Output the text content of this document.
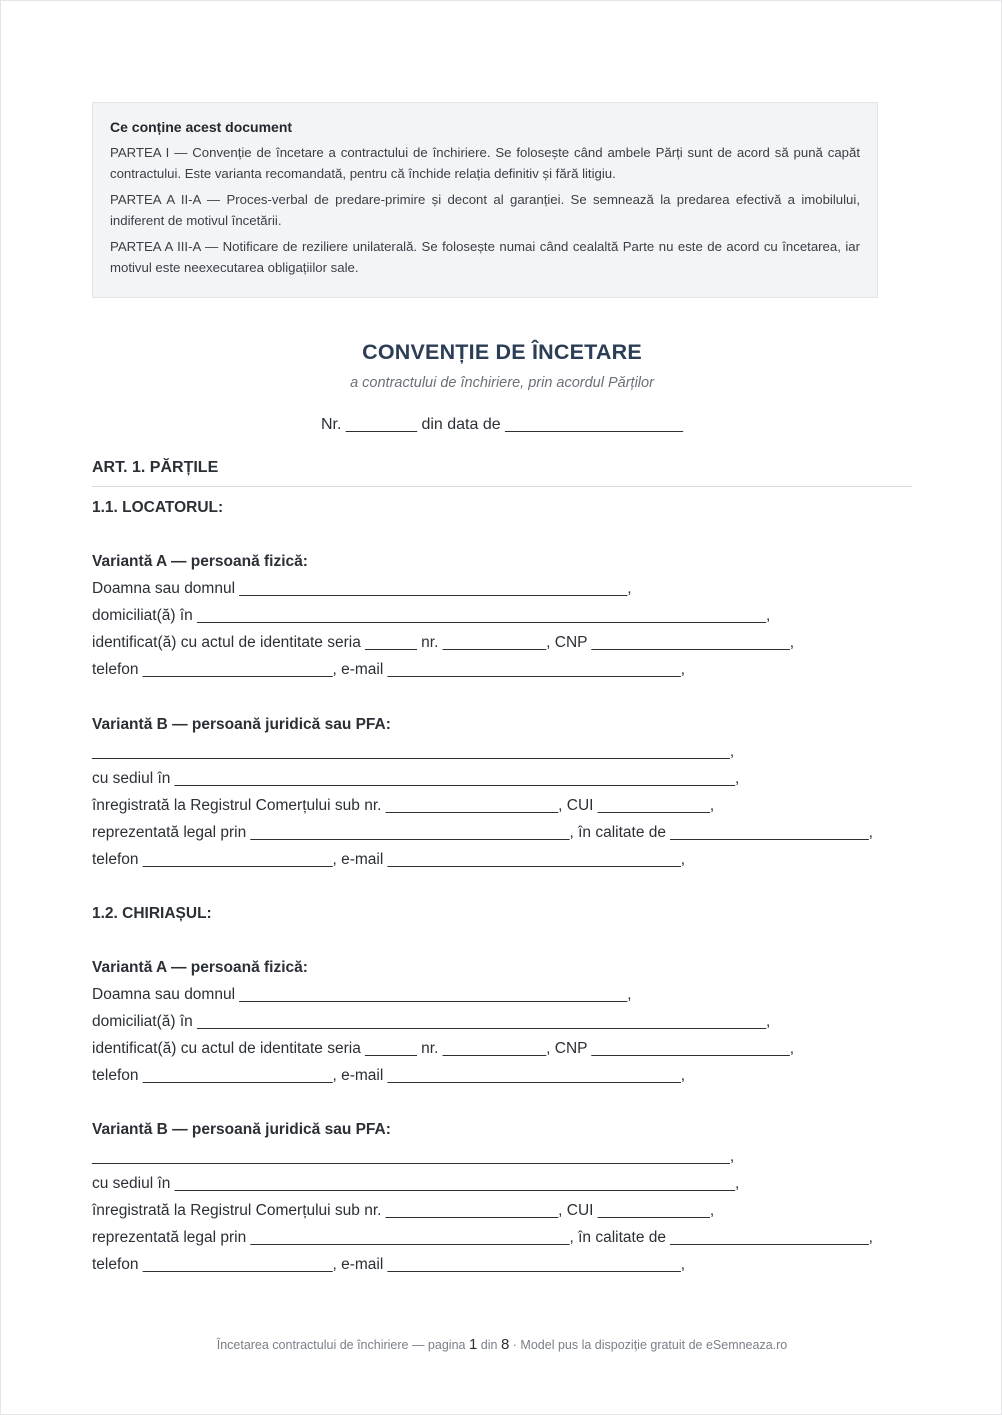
Ce conține acest document

PARTEA I — Convenție de încetare a contractului de închiriere. Se folosește când ambele Părți sunt de acord să pună capăt contractului. Este varianta recomandată, pentru că închide relația definitiv și fără litigiu.

PARTEA A II-A — Proces-verbal de predare-primire și decont al garanției. Se semnează la predarea efectivă a imobilului, indiferent de motivul încetării.

PARTEA A III-A — Notificare de reziliere unilaterală. Se folosește numai când cealaltă Parte nu este de acord cu încetarea, iar motivul este neexecutarea obligațiilor sale.

CONVENȚIE DE ÎNCETARE
a contractului de închiriere, prin acordul Părților
Nr. ________ din data de ____________________
ART. 1. PĂRȚILE
1.1. LOCATORUL:
Variantă A — persoană fizică:
Doamna sau domnul _____________________________________________,
domiciliat(ă) în __________________________________________________________________,
identificat(ă) cu actul de identitate seria ______ nr. ____________, CNP _______________________,
telefon ______________________, e-mail __________________________________,
Variantă B — persoană juridică sau PFA:
__________________________________________________________________________,
cu sediul în _________________________________________________________________,
înregistrată la Registrul Comerțului sub nr. ____________________, CUI _____________,
reprezentată legal prin _____________________________________, în calitate de _______________________,
telefon ______________________, e-mail __________________________________,
1.2. CHIRIAȘUL:
Variantă A — persoană fizică:
Doamna sau domnul _____________________________________________,
domiciliat(ă) în __________________________________________________________________,
identificat(ă) cu actul de identitate seria ______ nr. ____________, CNP _______________________,
telefon ______________________, e-mail __________________________________,
Variantă B — persoană juridică sau PFA:
__________________________________________________________________________,
cu sediul în _________________________________________________________________,
înregistrată la Registrul Comerțului sub nr. ____________________, CUI _____________,
reprezentată legal prin _____________________________________, în calitate de _______________________,
telefon ______________________, e-mail __________________________________,
Încetarea contractului de închiriere — pagina 1 din 8 · Model pus la dispoziție gratuit de eSemneaza.ro
